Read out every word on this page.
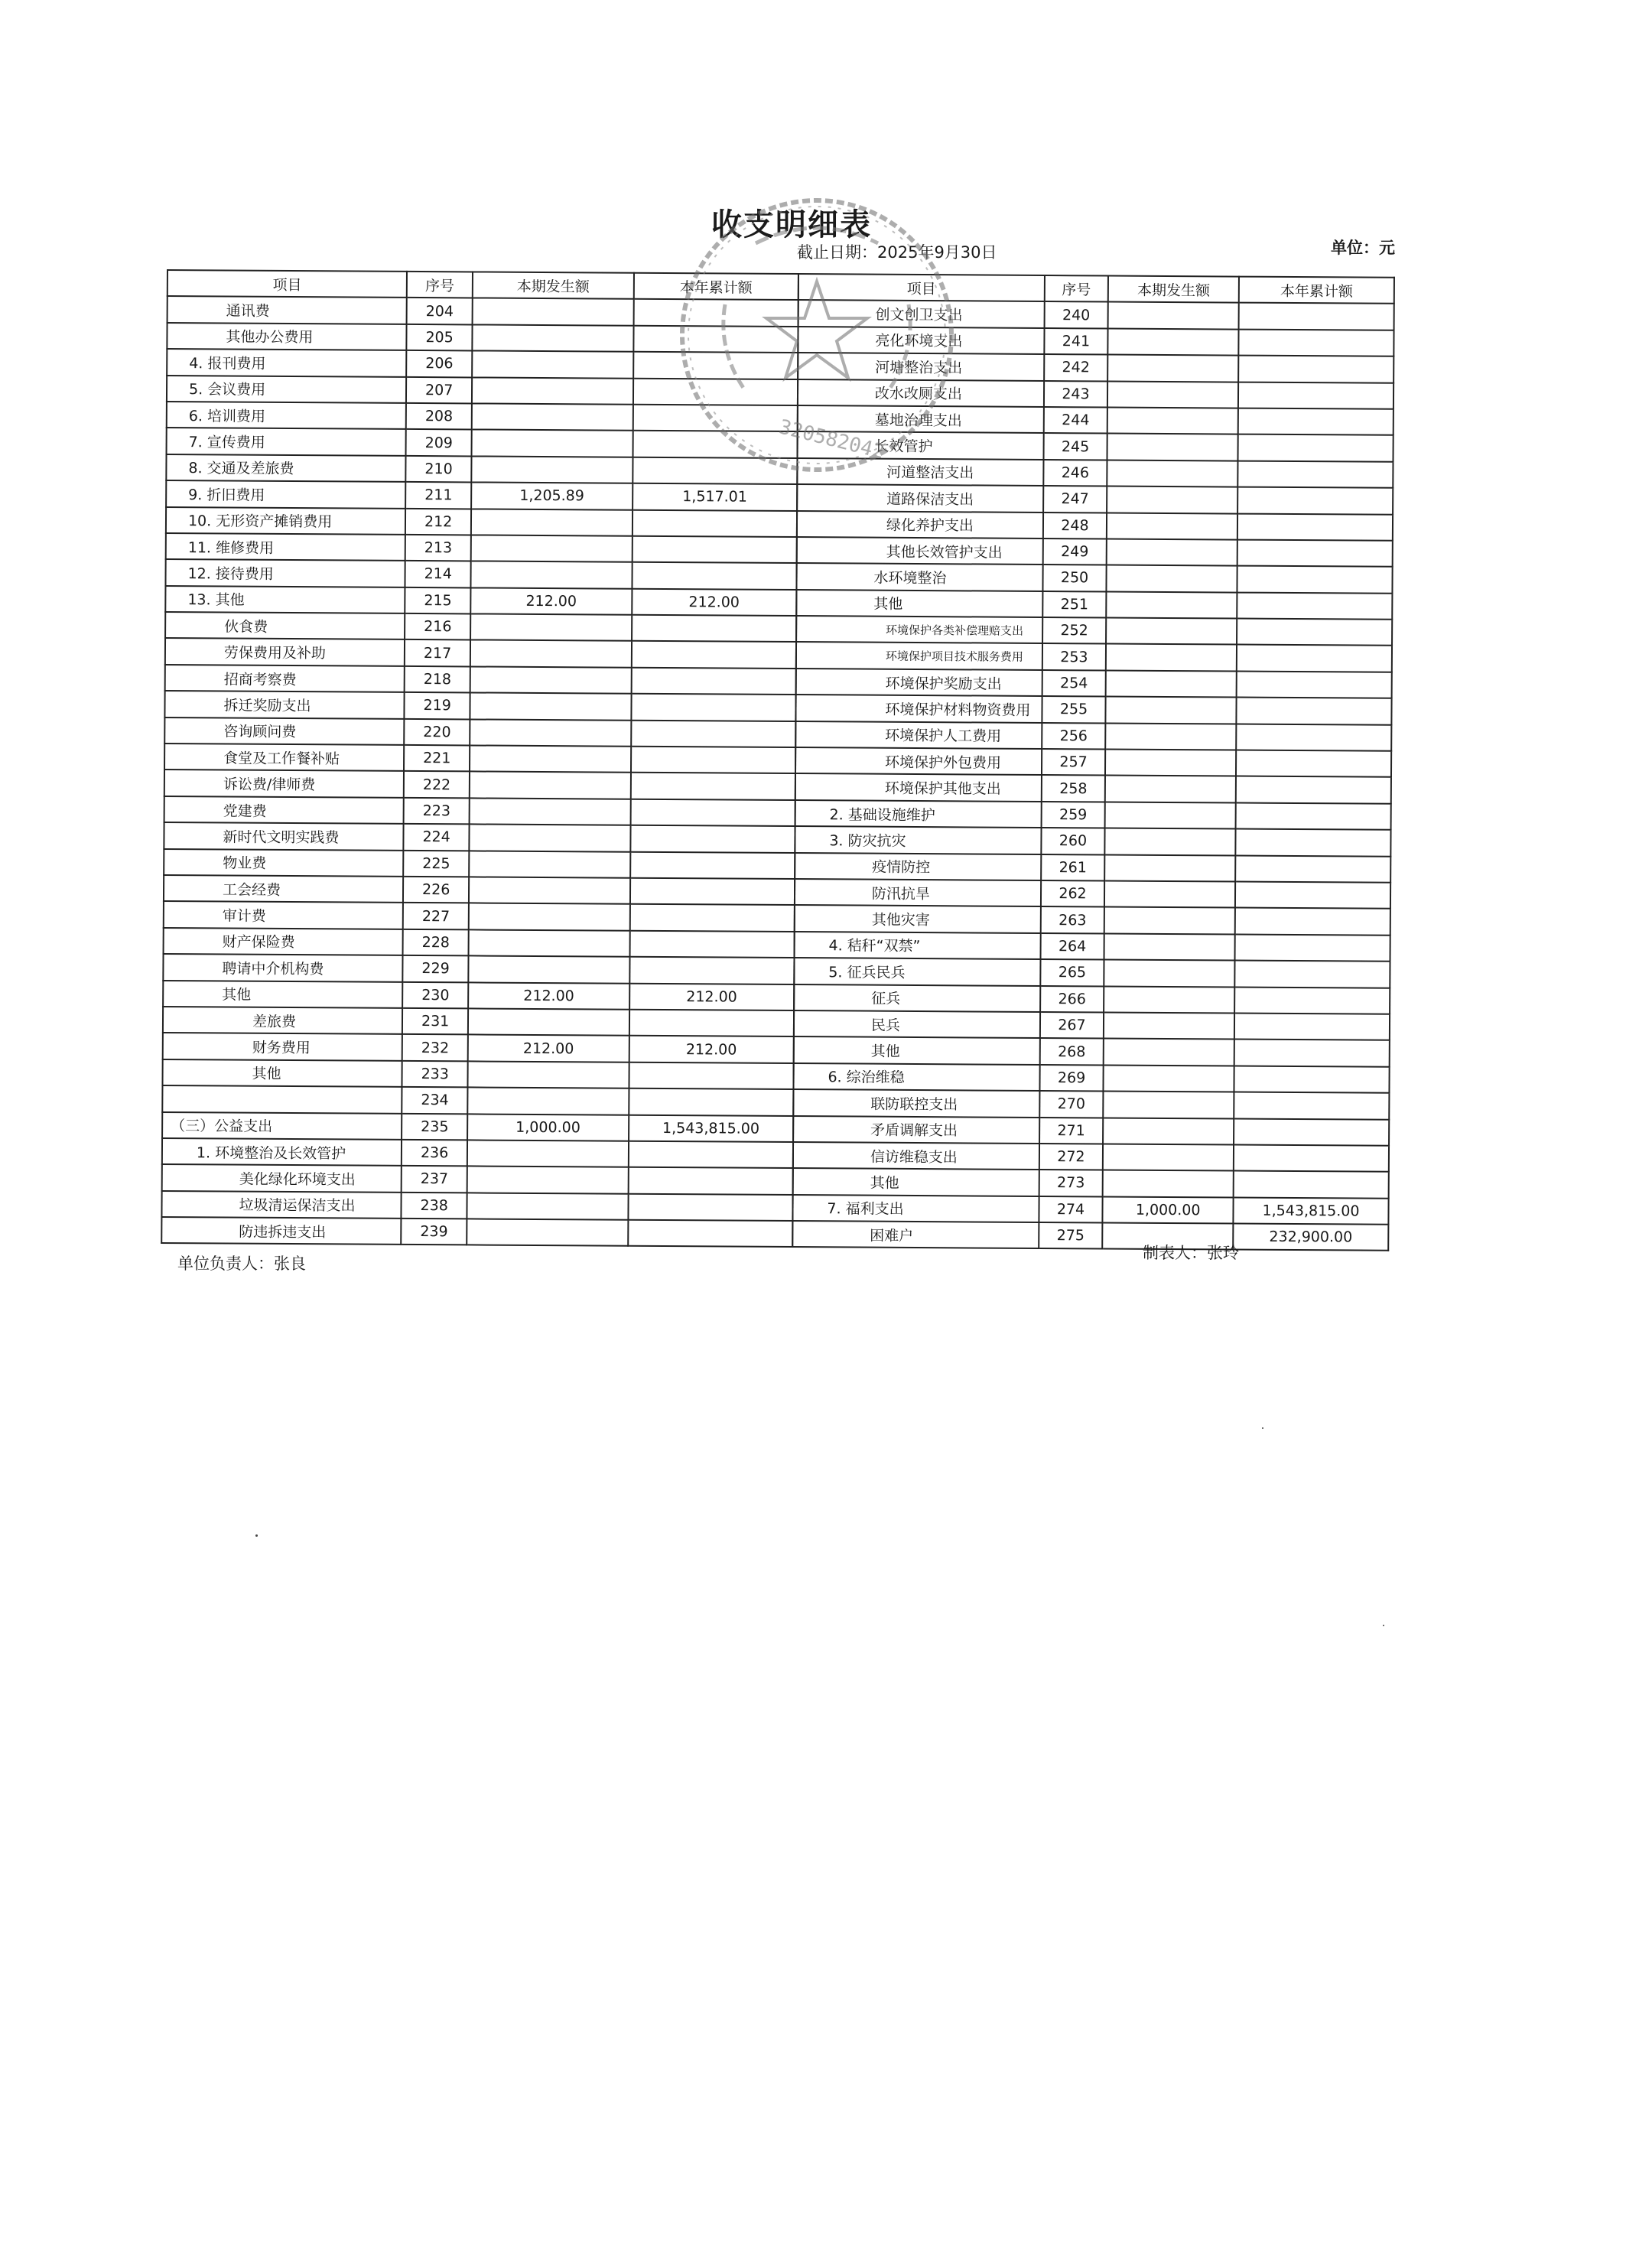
收支明细表
截止日期：2025年9月30日	单位：元
项目	序号	本期发生额	本年累计额
通讯费	204		
其他办公费用	205		
4. 报刊费用	206		
5. 会议费用	207		
6. 培训费用	208		
7. 宣传费用	209		
8. 交通及差旅费	210		
9. 折旧费用	211	1,205.89	1,517.01
10. 无形资产摊销费用	212		
11. 维修费用	213		
12. 接待费用	214		
13. 其他	215	212.00	212.00
伙食费	216		
劳保费用及补助	217		
招商考察费	218		
拆迁奖励支出	219		
咨询顾问费	220		
食堂及工作餐补贴	221		
诉讼费/律师费	222		
党建费	223		
新时代文明实践费	224		
物业费	225		
工会经费	226		
审计费	227		
财产保险费	228		
聘请中介机构费	229		
其他	230	212.00	212.00
差旅费	231		
财务费用	232	212.00	212.00
其他	233		
	234		
（三）公益支出	235	1,000.00	1,543,815.00
1. 环境整治及长效管护	236		
美化绿化环境支出	237		
垃圾清运保洁支出	238		
防违拆违支出	239		
项目	序号	本期发生额	本年累计额
创文创卫支出	240		
亮化环境支出	241		
河塘整治支出	242		
改水改厕支出	243		
墓地治理支出	244		
长效管护	245		
河道整洁支出	246		
道路保洁支出	247		
绿化养护支出	248		
其他长效管护支出	249		
水环境整治	250		
其他	251		
环境保护各类补偿理赔支出	252		
环境保护项目技术服务费用	253		
环境保护奖励支出	254		
环境保护材料物资费用	255		
环境保护人工费用	256		
环境保护外包费用	257		
环境保护其他支出	258		
2. 基础设施维护	259		
3. 防灾抗灾	260		
疫情防控	261		
防汛抗旱	262		
其他灾害	263		
4. 秸秆“双禁”	264		
5. 征兵民兵	265		
征兵	266		
民兵	267		
其他	268		
6. 综治维稳	269		
联防联控支出	270		
矛盾调解支出	271		
信访维稳支出	272		
其他	273		
7. 福利支出	274	1,000.00	1,543,815.00
困难户	275		232,900.00
320582042
单位负责人：张良
制表人：张玲
